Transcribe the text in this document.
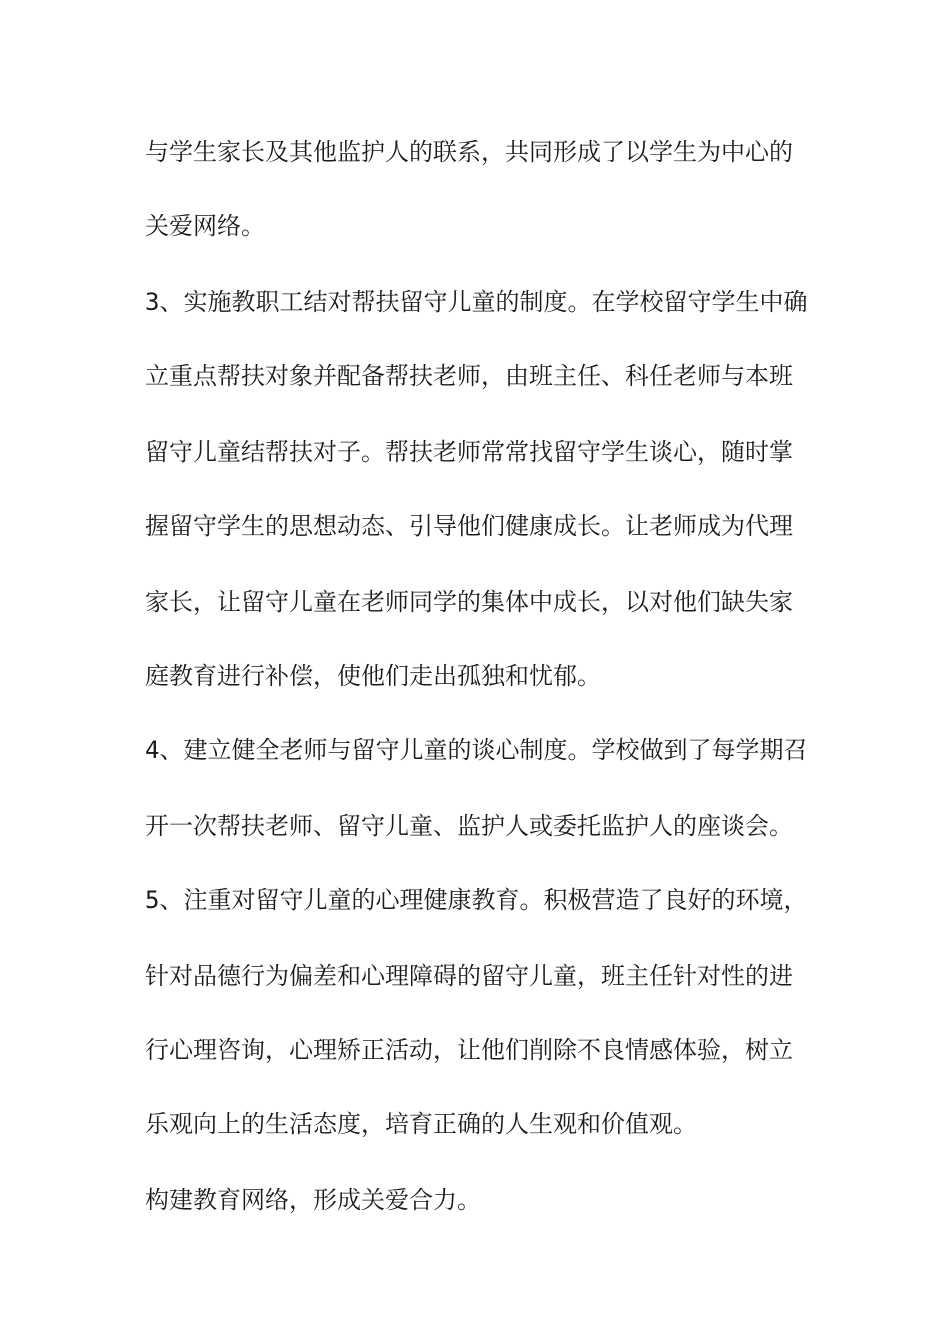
与学生家长及其他监护人的联系，共同形成了以学生为中心的
关爱网络。
3、实施教职工结对帮扶留守儿童的制度。在学校留守学生中确
立重点帮扶对象并配备帮扶老师，由班主任、科任老师与本班
留守儿童结帮扶对子。帮扶老师常常找留守学生谈心，随时掌
握留守学生的思想动态、引导他们健康成长。让老师成为代理
家长，让留守儿童在老师同学的集体中成长，以对他们缺失家
庭教育进行补偿，使他们走出孤独和忧郁。
4、建立健全老师与留守儿童的谈心制度。学校做到了每学期召
开一次帮扶老师、留守儿童、监护人或委托监护人的座谈会。
5、注重对留守儿童的心理健康教育。积极营造了良好的环境，
针对品德行为偏差和心理障碍的留守儿童，班主任针对性的进
行心理咨询，心理矫正活动，让他们削除不良情感体验，树立
乐观向上的生活态度，培育正确的人生观和价值观。
构建教育网络，形成关爱合力。
